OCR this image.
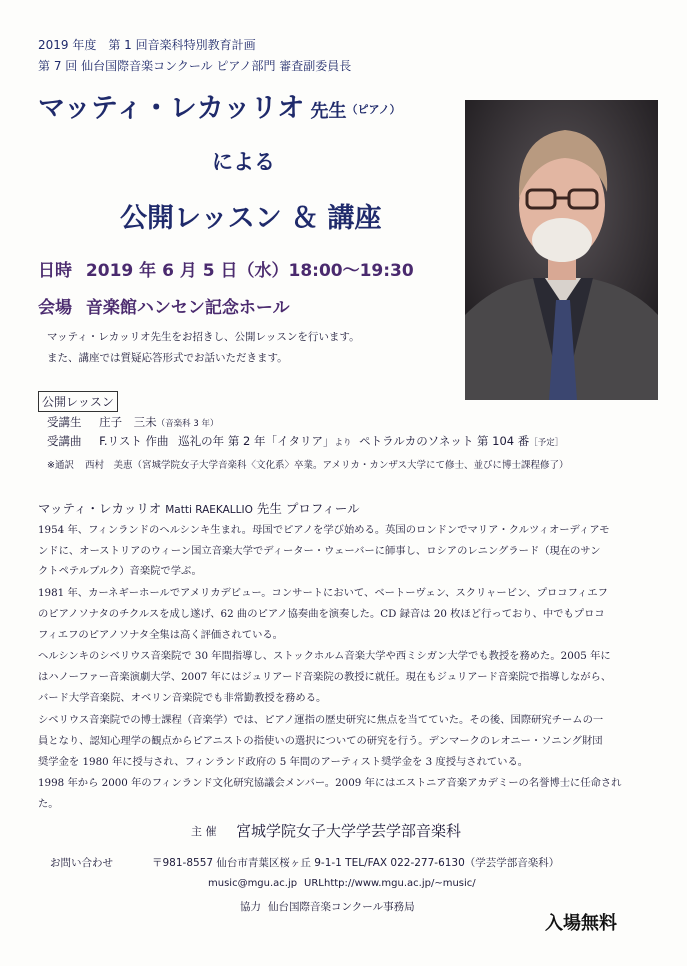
2019 年度　第 1 回音楽科特別教育計画
第 7 回 仙台国際音楽コンクール ピアノ部門 審査副委員長
マッティ・レカッリオ 先生（ピアノ）
による
公開レッスン ＆ 講座
日時 2019 年 6 月 5 日（水）18:00〜19:30
会場 音楽館ハンセン記念ホール
マッティ・レカッリオ先生をお招きし、公開レッスンを行います。
また、講座では質疑応答形式でお話いただきます。
公開レッスン
受講生 庄子　三未（音楽科 3 年）
受講曲 F.リスト 作曲 巡礼の年 第 2 年「イタリア」より ペトラルカのソネット 第 104 番［予定］
※通訳 西村　美恵（宮城学院女子大学音楽科〈文化系〉卒業。アメリカ・カンザス大学にて修士、並びに博士課程修了）
マッティ・レカッリオ Matti RAEKALLIO 先生 プロフィール
1954 年、フィンランドのヘルシンキ生まれ。母国でピアノを学び始める。英国のロンドンでマリア・クルツィオーディアモ
ンドに、オーストリアのウィーン国立音楽大学でディーター・ウェーバーに師事し、ロシアのレニングラード（現在のサン
クトペテルブルク）音楽院で学ぶ。
1981 年、カーネギーホールでアメリカデビュー。コンサートにおいて、ベートーヴェン、スクリャービン、プロコフィエフ
のピアノソナタのチクルスを成し遂げ、62 曲のピアノ協奏曲を演奏した。CD 録音は 20 枚ほど行っており、中でもプロコ
フィエフのピアノソナタ全集は高く評価されている。
ヘルシンキのシベリウス音楽院で 30 年間指導し、ストックホルム音楽大学や西ミシガン大学でも教授を務めた。2005 年に
はハノーファー音楽演劇大学、2007 年にはジュリアード音楽院の教授に就任。現在もジュリアード音楽院で指導しながら、
バード大学音楽院、オベリン音楽院でも非常勤教授を務める。
シベリウス音楽院での博士課程（音楽学）では、ピアノ運指の歴史研究に焦点を当てていた。その後、国際研究チームの一
員となり、認知心理学の観点からピアニストの指使いの選択についての研究を行う。デンマークのレオニー・ソニング財団
奨学金を 1980 年に授与され、フィンランド政府の 5 年間のアーティスト奨学金を 3 度授与されている。
1998 年から 2000 年のフィンランド文化研究協議会メンバー。2009 年にはエストニア音楽アカデミーの名誉博士に任命され
た。
主 催 宮城学院女子大学学芸学部音楽科
お問い合わせ	〒981-8557 仙台市青葉区桜ヶ丘 9-1-1 TEL/FAX 022-277-6130（学芸学部音楽科）
music@mgu.ac.jp URL http://www.mgu.ac.jp/~music/
協力 仙台国際音楽コンクール事務局
入場無料
